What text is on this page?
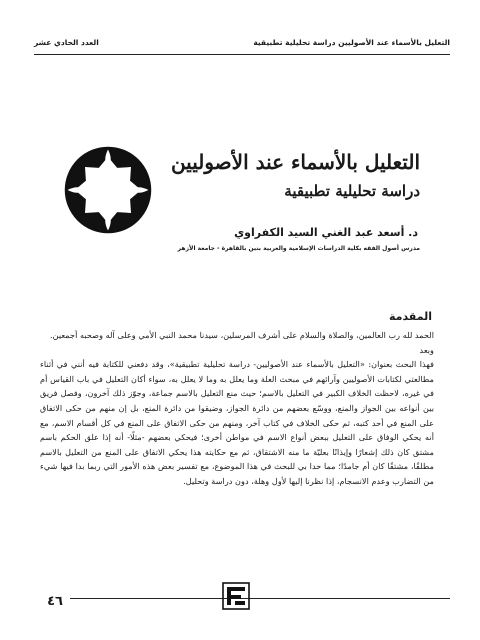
التعليل بالأسماء عند الأصوليين دراسة تحليلية تطبيقية
العدد الحادي عشر
التعليل بالأسماء عند الأصوليين
دراسة تحليلية تطبيقية
د. أسعد عبد الغني السيد الكفراوي
مدرس أصول الفقه بكلية الدراسات الإسلامية والعربية بنين بالقاهرة - جامعة الأزهر
المقدمة

الحمد لله رب العالمين، والصلاة والسلام على أشرف المرسلين، سيدنا محمد النبي الأمي وعلى آله وصحبه أجمعين.

وبعد

فهذا البحث بعنوان: «التعليل بالأسماء عند الأصوليين- دراسة تحليلية تطبيقية»، وقد دفعني للكتابة فيه أنني في أثناء مطالعتي لكتابات الأصوليين وآرائهم في مبحث العلة وما يعلل به وما لا يعلل به، سواء أكان التعليل في باب القياس أم في غيره، لاحظت الخلاف الكبير في التعليل بالاسم؛ حيث منع التعليل بالاسم جماعة، وجوّز ذلك آخرون، وفصل فريق بين أنواعه بين الجواز والمنع، ووسّع بعضهم من دائرة الجواز، وضيقوا من دائرة المنع، بل إن منهم من حكى الاتفاق على المنع في أحد كتبه، ثم حكى الخلاف في كتاب آخر، ومنهم من حكى الاتفاق على المنع في كل أقسام الاسم، مع أنه يحكي الوفاق على التعليل ببعض أنواع الاسم في مواطن أخرى؛ فيحكي بعضهم -مثلًا- أنه إذا علق الحكم باسم مشتق كان ذلك إشعارًا وإيذانًا بعليّة ما منه الاشتقاق، ثم مع حكايته هذا يحكي الاتفاق على المنع من التعليل بالاسم مطلقًا، مشتقًا كان أم جامدًا؛ مما حدا بي للبحث في هذا الموضوع، مع تفسير بعض هذه الأمور التي ربما بدا فيها شيء من التضارب وعدم الانسجام، إذا نظرنا إليها لأول وهلة، دون دراسة وتحليل.

٤٦
